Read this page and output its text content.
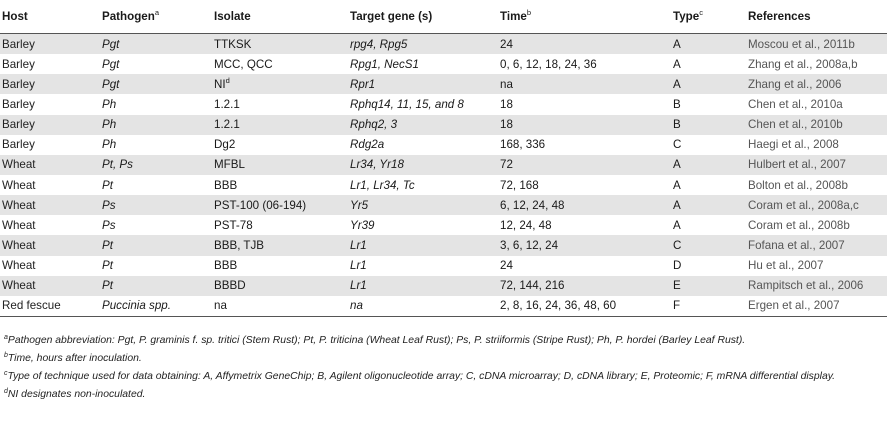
Host	Pathogen$^a$	Isolate	Target gene (s)	Time$^b$	Type$^c$	References
Barley	Pgt	TTKSK	rpg4, Rpg5	24	A	Moscou et al., 2011b
Barley	Pgt	MCC, QCC	Rpg1, NecS1	0, 6, 12, 18, 24, 36	A	Zhang et al., 2008a,b
Barley	Pgt	$NI^d$	Rpr1	na	A	Zhang et al., 2006
Barley	Ph	1.2.1	Rphq14, 11, 15, and 8	18	B	Chen et al., 2010a
Barley	Ph	1.2.1	Rphq2, 3	18	B	Chen et al., 2010b
Barley	Ph	Dg2	Rdg2a	168, 336	C	Haegi et al., 2008
Wheat	Pt, Ps	MFBL	Lr34, Yr18	72	A	Hulbert et al., 2007
Wheat	Pt	BBB	Lr1, Lr34, Tc	72, 168	A	Bolton et al., 2008b
Wheat	Ps	PST-100 (06-194)	Yr5	6, 12, 24, 48	A	Coram et al., 2008a,c
Wheat	Ps	PST-78	Yr39	12, 24, 48	A	Coram et al., 2008b
Wheat	Pt	BBB, TJB	Lr1	3, 6, 12, 24	C	Fofana et al., 2007
Wheat	Pt	BBB	Lr1	24	D	Hu et al., 2007
Wheat	Pt	BBBD	Lr1	72, 144, 216	E	Rampitsch et al., 2006
Red fescue	Puccinia spp.	na	na	2, 8, 16, 24, 36, 48, 60	F	Ergen et al., 2007

$^a$Pathogen abbreviation: Pgt, P. graminis f. sp. tritici (Stem Rust); Pt, P. triticina (Wheat Leaf Rust); Ps, P. striiformis (Stripe Rust); Ph, P. hordei (Barley Leaf Rust).

$^b$Time, hours after inoculation.

$^c$Type of technique used for data obtaining: A, Affymetrix GeneChip; B, Agilent oligonucleotide array; C, cDNA microarray; D, cDNA library; E, Proteomic; F, mRNA differential display.

$^d$NI designates non-inoculated.
